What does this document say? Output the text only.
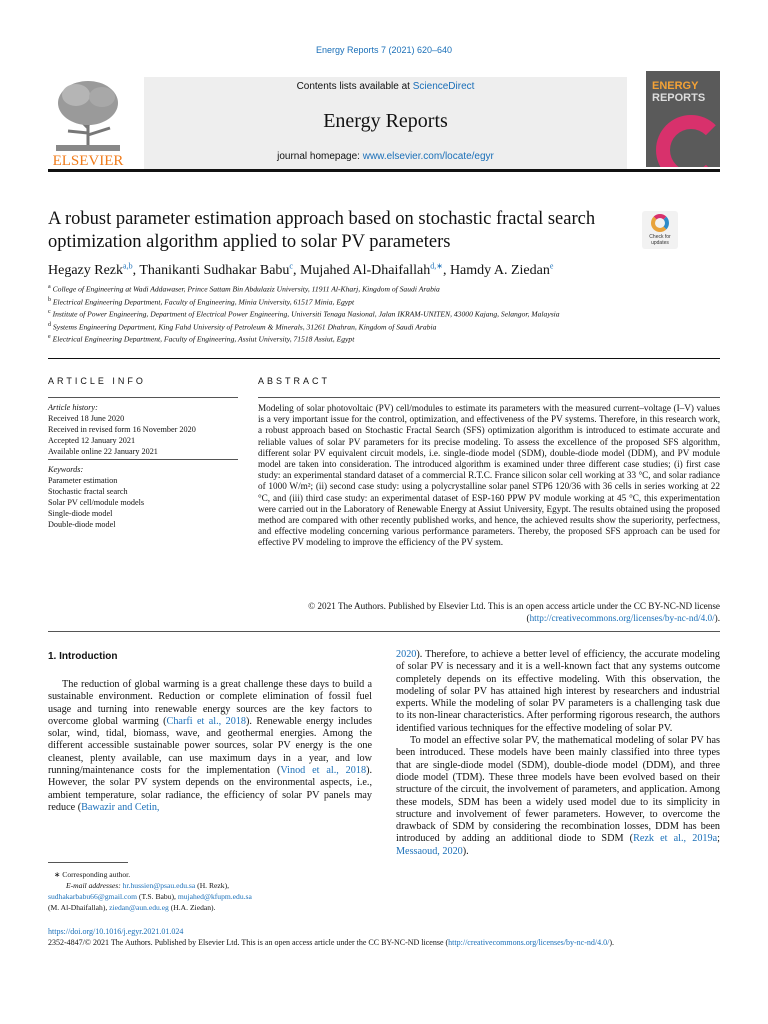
Energy Reports 7 (2021) 620–640
ELSEVIER
Contents lists available at ScienceDirect
Energy Reports
journal homepage: www.elsevier.com/locate/egyr
ENERGY
REPORTS
A robust parameter estimation approach based on stochastic fractal search optimization algorithm applied to solar PV parameters	Check for updates
Hegazy Rezk$^{a,b}$, Thanikanti Sudhakar Babu$^c$, Mujahed Al-Dhaifallah$^{d,∗}$, Hamdy A. Ziedan$^e$
$^a$ College of Engineering at Wadi Addawaser, Prince Sattam Bin Abdulaziz University, 11911 Al-Kharj, Kingdom of Saudi Arabia
$^b$ Electrical Engineering Department, Faculty of Engineering, Minia University, 61517 Minia, Egypt
$^c$ Institute of Power Engineering, Department of Electrical Power Engineering, Universiti Tenaga Nasional, Jalan IKRAM-UNITEN, 43000 Kajang, Selangor, Malaysia
$^d$ Systems Engineering Department, King Fahd University of Petroleum & Minerals, 31261 Dhahran, Kingdom of Saudi Arabia
$^e$ Electrical Engineering Department, Faculty of Engineering, Assiut University, 71518 Assiut, Egypt
ARTICLE INFO	ABSTRACT
Article history:
Received 18 June 2020
Received in revised form 16 November 2020
Accepted 12 January 2021
Available online 22 January 2021
Keywords:
Parameter estimation
Stochastic fractal search
Solar PV cell/module models
Single-diode model
Double-diode model
Modeling of solar photovoltaic (PV) cell/modules to estimate its parameters with the measured current–voltage (I–V) values is a very important issue for the control, optimization, and effectiveness of the PV systems. Therefore, in this research work, a robust approach based on Stochastic Fractal Search (SFS) optimization algorithm is introduced to estimate accurate and reliable values of solar PV parameters for its precise modeling. To assess the excellence of the proposed SFS algorithm, different solar PV equivalent circuit models, i.e. single-diode model (SDM), double-diode model (DDM), and PV module model are taken into consideration. The introduced algorithm is examined under three different case studies; (i) first case study: an experimental standard dataset of a commercial R.T.C. France silicon solar cell working at 33 °C, and solar radiance of 1000 W/m²; (ii) second case study: using a polycrystalline solar panel STP6 120/36 with 36 cells in series working at 22 °C, and (iii) third case study: an experimental dataset of ESP-160 PPW PV module working at 45 °C, this experimentation were carried out in the Laboratory of Renewable Energy at Assiut University, Egypt. The results obtained using the proposed method are compared with other recently published works, and hence, the achieved results show the superiority, perfectness, and effective modeling concerning various performance parameters. Thereby, the proposed SFS approach can be used for effective PV modeling to improve the efficiency of the PV system.
© 2021 The Authors. Published by Elsevier Ltd. This is an open access article under the CC BY-NC-ND license (http://creativecommons.org/licenses/by-nc-nd/4.0/).
1. Introduction

The reduction of global warming is a great challenge these days to build a sustainable environment. Reduction or complete elimination of fossil fuel usage and turning into renewable energy sources are the key factors to overcome global warming (Charfi et al., 2018). Renewable energy includes solar, wind, tidal, biomass, wave, and geothermal energies. Among the different accessible sustainable power sources, solar PV energy is the one cleanest, plenty available, can use maximum days in a year, and low running/maintenance costs for the implementation (Vinod et al., 2018). However, the solar PV system depends on the environmental aspects, i.e., ambient temperature, solar radiance, the efficiency of solar PV panels may reduce (Bawazir and Cetin,

2020). Therefore, to achieve a better level of efficiency, the accurate modeling of solar PV is necessary and it is a well-known fact that any systems outcome completely depends on its effective modeling. With this observation, the modeling of solar PV has attained high interest by researchers and industrial experts. While the modeling of solar PV parameters is a challenging task due to its non-linear characteristics. After performing rigorous research, the authors identified various techniques for the effective modeling of solar PV.

To model an effective solar PV, the mathematical modeling of solar PV has been introduced. These models have been mainly classified into three types that are single-diode model (SDM), double-diode model (DDM), and three diode model (TDM). These three models have been evolved based on their structure of the circuit, the involvement of parameters, and application. Among these models, SDM has been a widely used model due to its simplicity in structure and involvement of fewer parameters. However, to overcome the drawback of SDM by considering the recombination losses, DDM has been introduced by adding an additional diode to SDM (Rezk et al., 2019a; Messaoud, 2020).

∗ Corresponding author.
E-mail addresses: hr.hussien@psau.edu.sa (H. Rezk),
sudhakarbabu66@gmail.com (T.S. Babu), mujahed@kfupm.edu.sa
(M. Al-Dhaifallah), ziedan@aun.edu.eg (H.A. Ziedan).
https://doi.org/10.1016/j.egyr.2021.01.024
2352-4847/© 2021 The Authors. Published by Elsevier Ltd. This is an open access article under the CC BY-NC-ND license (http://creativecommons.org/licenses/by-nc-nd/4.0/).
